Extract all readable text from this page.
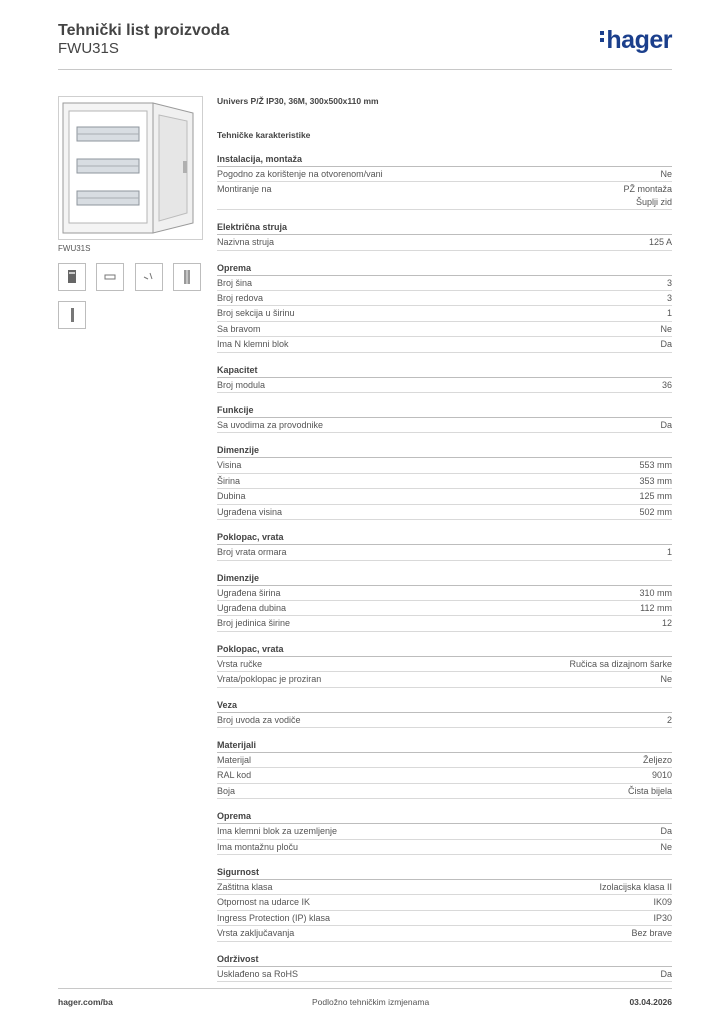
Tehnički list proizvoda
FWU31S	hager
FWU31S
Univers P/Ž IP30, 36M, 300x500x110 mm
Tehničke karakteristike
Instalacija, montaža
Pogodno za korištenje na otvorenom/vani	Ne
Montiranje na	PŽ montaža
Šuplji zid
Električna struja
Nazivna struja	125 A
Oprema
Broj šina	3
Broj redova	3
Broj sekcija u širinu	1
Sa bravom	Ne
Ima N klemni blok	Da
Kapacitet
Broj modula	36
Funkcije
Sa uvodima za provodnike	Da
Dimenzije
Visina	553 mm
Širina	353 mm
Dubina	125 mm
Ugrađena visina	502 mm
Poklopac, vrata
Broj vrata ormara	1
Dimenzije
Ugrađena širina	310 mm
Ugrađena dubina	112 mm
Broj jedinica širine	12
Poklopac, vrata
Vrsta ručke	Ručica sa dizajnom šarke
Vrata/poklopac je proziran	Ne
Veza
Broj uvoda za vodiče	2
Materijali
Materijal	Željezo
RAL kod	9010
Boja	Čista bijela
Oprema
Ima klemni blok za uzemljenje	Da
Ima montažnu ploču	Ne
Sigurnost
Zaštitna klasa	Izolacijska klasa II
Otpornost na udarce IK	IK09
Ingress Protection (IP) klasa	IP30
Vrsta zaključavanja	Bez brave
Održivost
Usklađeno sa RoHS	Da
hager.com/ba	Podložno tehničkim izmjenama	03.04.2026
